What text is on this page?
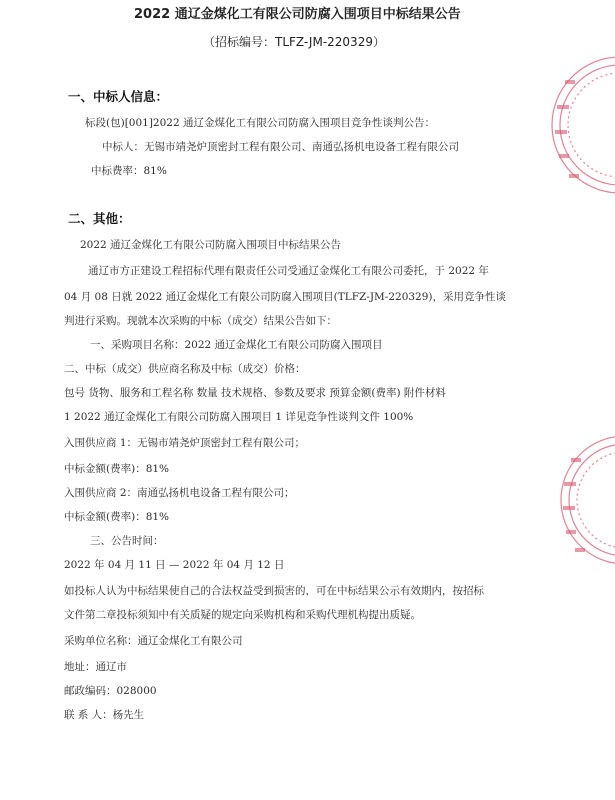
2022 通辽金煤化工有限公司防腐入围项目中标结果公告
（招标编号：TLFZ-JM-220329）
一、中标人信息：
标段(包)[001]2022 通辽金煤化工有限公司防腐入围项目竞争性谈判公告：
中标人：无锡市靖尧炉顶密封工程有限公司、南通弘扬机电设备工程有限公司
中标费率：81%
二、其他：
2022 通辽金煤化工有限公司防腐入围项目中标结果公告
通辽市方正建设工程招标代理有限责任公司受通辽金煤化工有限公司委托，于 2022 年
04 月 08 日就 2022 通辽金煤化工有限公司防腐入围项目(TLFZ-JM-220329)，采用竞争性谈
判进行采购。现就本次采购的中标（成交）结果公告如下：
一、采购项目名称：2022 通辽金煤化工有限公司防腐入围项目
二、中标（成交）供应商名称及中标（成交）价格：
包号 货物、服务和工程名称 数量 技术规格、参数及要求 预算金额(费率) 附件材料
1 2022 通辽金煤化工有限公司防腐入围项目 1 详见竞争性谈判文件 100%
入围供应商 1：无锡市靖尧炉顶密封工程有限公司；
中标金额(费率)：81%
入围供应商 2：南通弘扬机电设备工程有限公司；
中标金额(费率)：81%
三、公告时间：
2022 年 04 月 11 日 — 2022 年 04 月 12 日
如投标人认为中标结果使自己的合法权益受到损害的，可在中标结果公示有效期内，按招标
文件第二章投标须知中有关质疑的规定向采购机构和采购代理机构提出质疑。
采购单位名称：通辽金煤化工有限公司
地址：通辽市
邮政编码：028000
联 系 人：杨先生
